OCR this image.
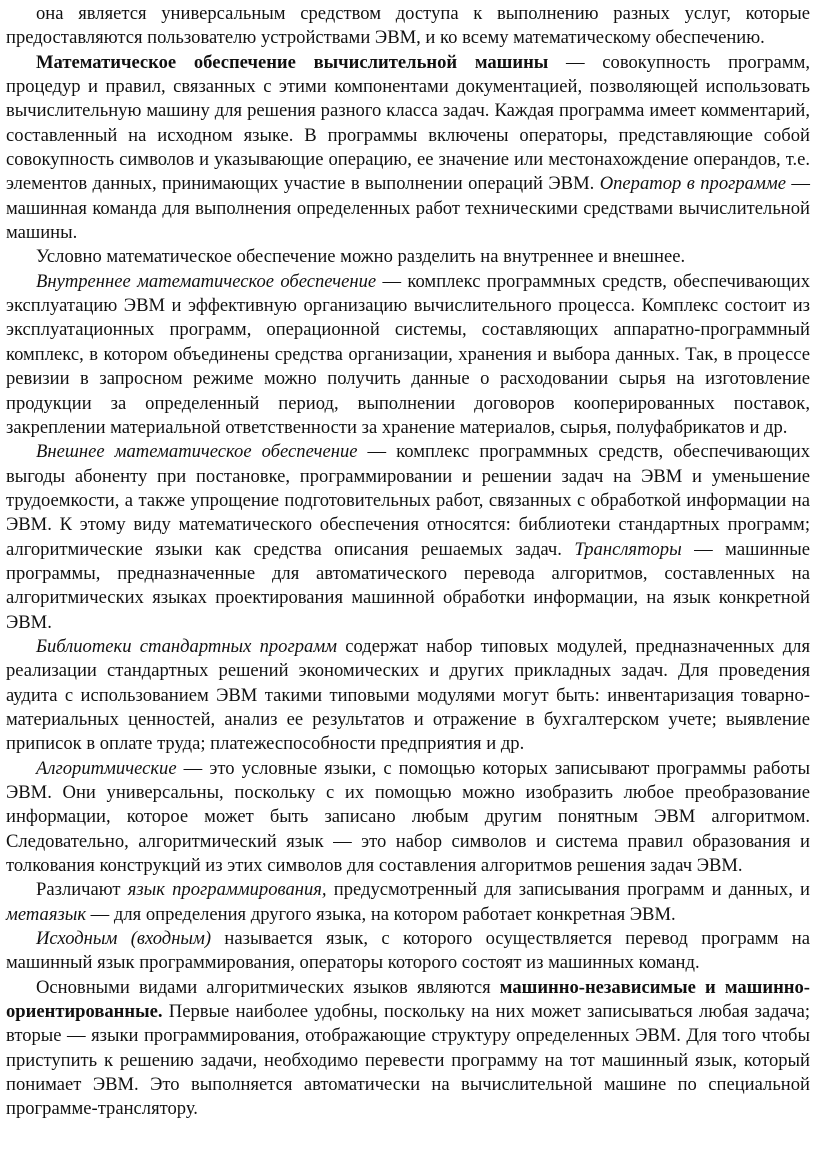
она является универсальным средством доступа к выполнению разных услуг, которые предоставляются пользователю устройствами ЭВМ, и ко всему математическому обеспечению.

Математическое обеспечение вычислительной машины — совокупность программ, процедур и правил, связанных с этими компонентами документацией, позволяющей использовать вычислительную машину для решения разного класса задач. Каждая программа имеет комментарий, составленный на исходном языке. В программы включены операторы, представляющие собой совокупность символов и указывающие операцию, ее значение или местонахождение операндов, т.е. элементов данных, принимающих участие в выполнении операций ЭВМ. Оператор в программе — машинная команда для выполнения определенных работ техническими средствами вычислительной машины.

Условно математическое обеспечение можно разделить на внутреннее и внешнее.

Внутреннее математическое обеспечение — комплекс программных средств, обеспечивающих эксплуатацию ЭВМ и эффективную организацию вычислительного процесса. Комплекс состоит из эксплуатационных программ, операционной системы, составляющих аппаратно-программный комплекс, в котором объединены средства организации, хранения и выбора данных. Так, в процессе ревизии в запросном режиме можно получить данные о расходовании сырья на изготовление продукции за определенный период, выполнении договоров кооперированных поставок, закреплении материальной ответственности за хранение материалов, сырья, полуфабрикатов и др.

Внешнее математическое обеспечение — комплекс программных средств, обеспечивающих выгоды абоненту при постановке, программировании и решении задач на ЭВМ и уменьшение трудоемкости, а также упрощение подготовительных работ, связанных с обработкой информации на ЭВМ. К этому виду математического обеспечения относятся: библиотеки стандартных программ; алгоритмические языки как средства описания решаемых задач. Трансляторы — машинные программы, предназначенные для автоматического перевода алгоритмов, составленных на алгоритмических языках проектирования машинной обработки информации, на язык конкретной ЭВМ.

Библиотеки стандартных программ содержат набор типовых модулей, предназначенных для реализации стандартных решений экономических и других прикладных задач. Для проведения аудита с использованием ЭВМ такими типовыми модулями могут быть: инвентаризация товарно-материальных ценностей, анализ ее результатов и отражение в бухгалтерском учете; выявление приписок в оплате труда; платежеспособности предприятия и др.

Алгоритмические — это условные языки, с помощью которых записывают программы работы ЭВМ. Они универсальны, поскольку с их помощью можно изобразить любое преобразование информации, которое может быть записано любым другим понятным ЭВМ алгоритмом. Следовательно, алгоритмический язык — это набор символов и система правил образования и толкования конструкций из этих символов для составления алгоритмов решения задач ЭВМ.

Различают язык программирования, предусмотренный для записывания программ и данных, и метаязык — для определения другого языка, на котором работает конкретная ЭВМ.

Исходным (входным) называется язык, с которого осуществляется перевод программ на машинный язык программирования, операторы которого состоят из машинных команд.

Основными видами алгоритмических языков являются машинно-независимые и машинно-ориентированные. Первые наиболее удобны, поскольку на них может записываться любая задача; вторые — языки программирования, отображающие структуру определенных ЭВМ. Для того чтобы приступить к решению задачи, необходимо перевести программу на тот машинный язык, который понимает ЭВМ. Это выполняется автоматически на вычислительной машине по специальной программе-транслятору.
